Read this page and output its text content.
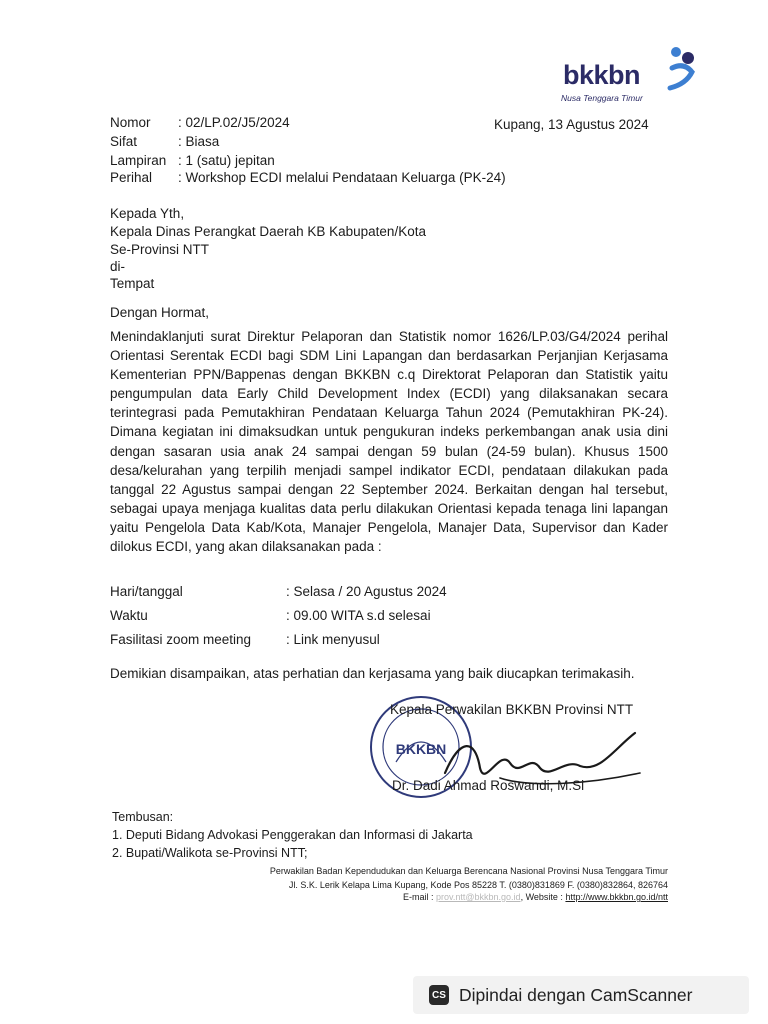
bkkbn
Nusa Tenggara Timur
Nomor : 02/LP.02/J5/2024
Sifat	: Biasa
Lampiran : 1 (satu) jepitan
Perihal : Workshop ECDI melalui Pendataan Keluarga (PK-24)
Kupang, 13 Agustus 2024
Kepada Yth,
Kepala Dinas Perangkat Daerah KB Kabupaten/Kota
Se-Provinsi NTT
di-
Tempat
Dengan Hormat,

Menindaklanjuti surat Direktur Pelaporan dan Statistik nomor 1626/LP.03/G4/2024 perihal Orientasi Serentak ECDI bagi SDM Lini Lapangan dan berdasarkan Perjanjian Kerjasama Kementerian PPN/Bappenas dengan BKKBN c.q Direktorat Pelaporan dan Statistik yaitu pengumpulan data Early Child Development Index (ECDI) yang dilaksanakan secara terintegrasi pada Pemutakhiran Pendataan Keluarga Tahun 2024 (Pemutakhiran PK-24). Dimana kegiatan ini dimaksudkan untuk pengukuran indeks perkembangan anak usia dini dengan sasaran usia anak 24 sampai dengan 59 bulan (24-59 bulan). Khusus 1500 desa/kelurahan yang terpilih menjadi sampel indikator ECDI, pendataan dilakukan pada tanggal 22 Agustus sampai dengan 22 September 2024. Berkaitan dengan hal tersebut, sebagai upaya menjaga kualitas data perlu dilakukan Orientasi kepada tenaga lini lapangan yaitu Pengelola Data Kab/Kota, Manajer Pengelola, Manajer Data, Supervisor dan Kader dilokus ECDI, yang akan dilaksanakan pada :

Hari/tanggal	: Selasa / 20 Agustus 2024
Waktu	: 09.00 WITA s.d selesai
Fasilitasi zoom meeting	: Link menyusul

Demikian disampaikan, atas perhatian dan kerjasama yang baik diucapkan terimakasih.

BKKBN
Kepala Perwakilan BKKBN Provinsi NTT
Dr. Dadi Ahmad Roswandi, M.Si
Tembusan:
1. Deputi Bidang Advokasi Penggerakan dan Informasi di Jakarta
2. Bupati/Walikota se-Provinsi NTT;
Perwakilan Badan Kependudukan dan Keluarga Berencana Nasional Provinsi Nusa Tenggara Timur
Jl. S.K. Lerik Kelapa Lima Kupang, Kode Pos 85228 T. (0380)831869 F. (0380)832864, 826764
E-mail : prov.ntt@bkkbn.go.id, Website : http://www.bkkbn.go.id/ntt
CS Dipindai dengan CamScanner
